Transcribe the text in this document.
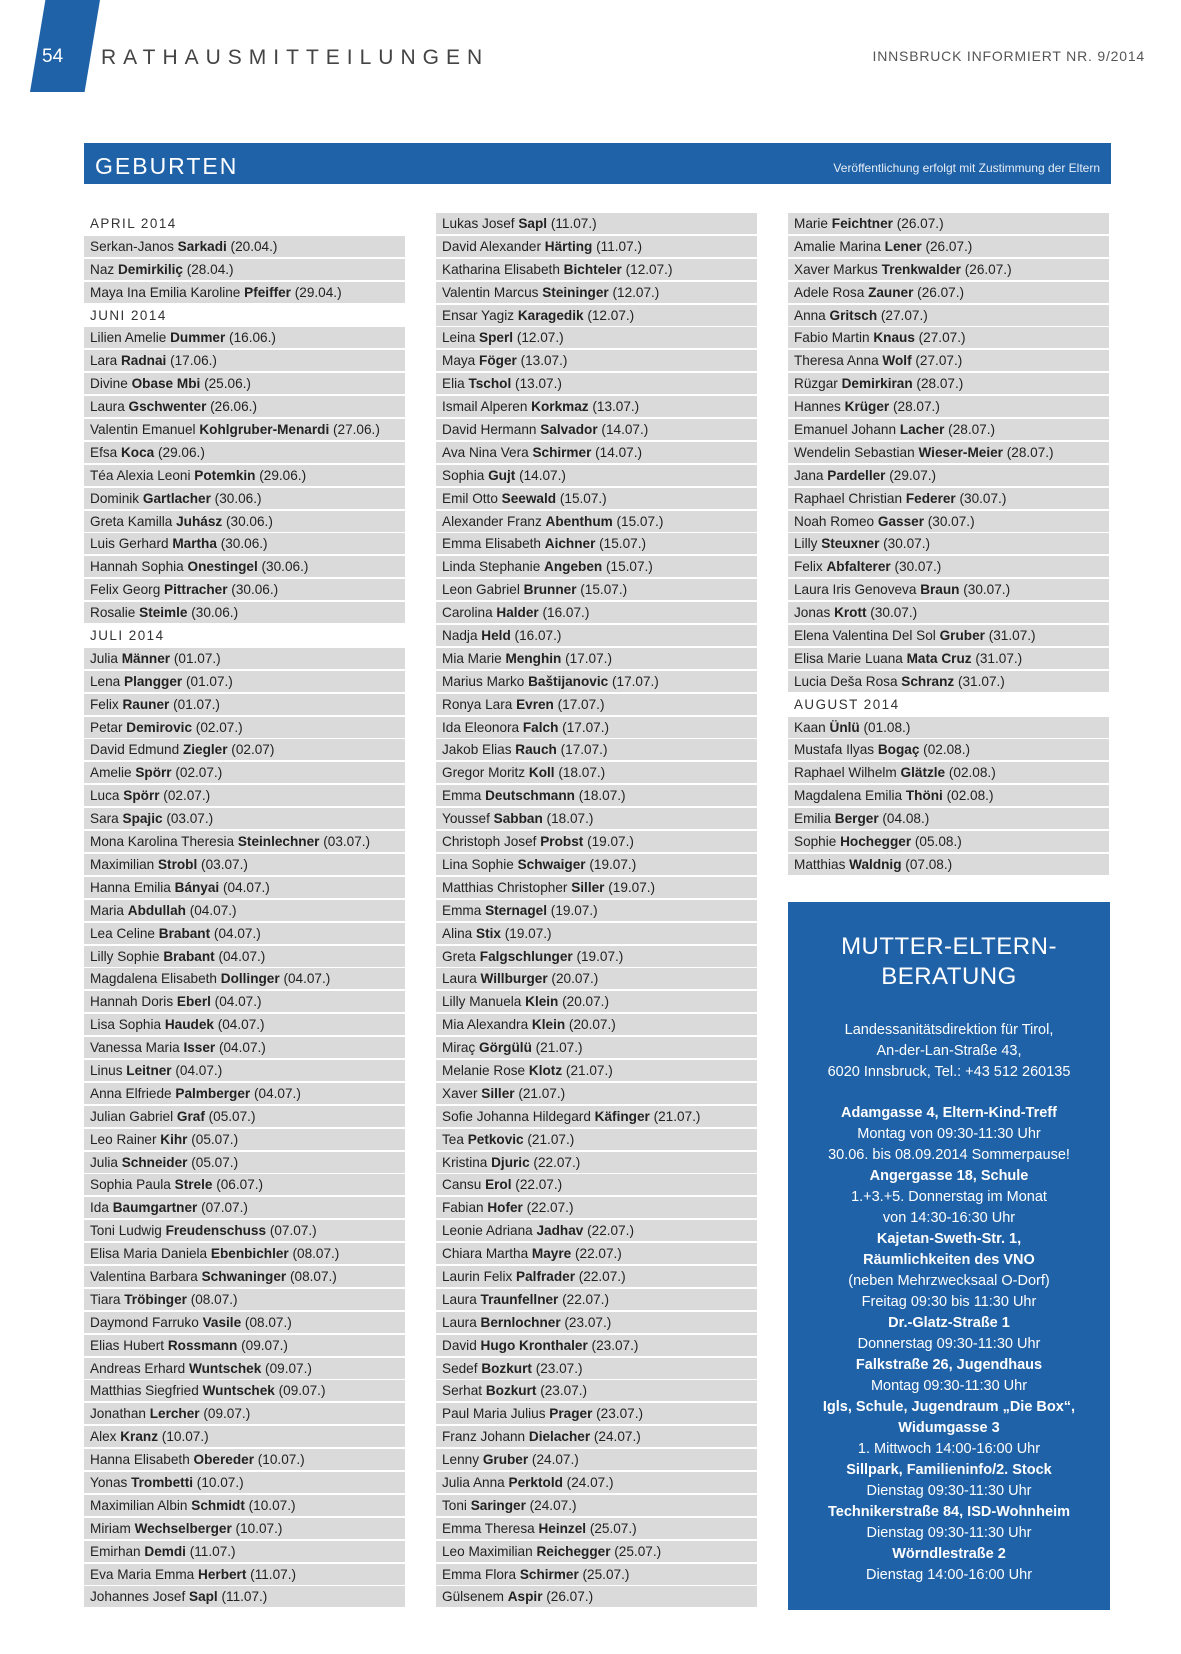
54 RATHAUSMITTEILUNGEN	INNSBRUCK INFORMIERT NR. 9/2014
GEBURTEN	Veröffentlichung erfolgt mit Zustimmung der Eltern
APRIL 2014
Serkan-Janos Sarkadi (20.04.)
Naz Demirkiliç (28.04.)
Maya Ina Emilia Karoline Pfeiffer (29.04.)
JUNI 2014
Lilien Amelie Dummer (16.06.)
Lara Radnai (17.06.)
Divine Obase Mbi (25.06.)
Laura Gschwenter (26.06.)
Valentin Emanuel Kohlgruber-Menardi (27.06.)
Efsa Koca (29.06.)
Téa Alexia Leoni Potemkin (29.06.)
Dominik Gartlacher (30.06.)
Greta Kamilla Juhász (30.06.)
Luis Gerhard Martha (30.06.)
Hannah Sophia Onestingel (30.06.)
Felix Georg Pittracher (30.06.)
Rosalie Steimle (30.06.)
JULI 2014
Julia Männer (01.07.)
Lena Plangger (01.07.)
Felix Rauner (01.07.)
Petar Demirovic (02.07.)
David Edmund Ziegler (02.07)
Amelie Spörr (02.07.)
Luca Spörr (02.07.)
Sara Spajic (03.07.)
Mona Karolina Theresia Steinlechner (03.07.)
Maximilian Strobl (03.07.)
Hanna Emilia Bányai (04.07.)
Maria Abdullah (04.07.)
Lea Celine Brabant (04.07.)
Lilly Sophie Brabant (04.07.)
Magdalena Elisabeth Dollinger (04.07.)
Hannah Doris Eberl (04.07.)
Lisa Sophia Haudek (04.07.)
Vanessa Maria Isser (04.07.)
Linus Leitner (04.07.)
Anna Elfriede Palmberger (04.07.)
Julian Gabriel Graf (05.07.)
Leo Rainer Kihr (05.07.)
Julia Schneider (05.07.)
Sophia Paula Strele (06.07.)
Ida Baumgartner (07.07.)
Toni Ludwig Freudenschuss (07.07.)
Elisa Maria Daniela Ebenbichler (08.07.)
Valentina Barbara Schwaninger (08.07.)
Tiara Tröbinger (08.07.)
Daymond Farruko Vasile (08.07.)
Elias Hubert Rossmann (09.07.)
Andreas Erhard Wuntschek (09.07.)
Matthias Siegfried Wuntschek (09.07.)
Jonathan Lercher (09.07.)
Alex Kranz (10.07.)
Hanna Elisabeth Obereder (10.07.)
Yonas Trombetti (10.07.)
Maximilian Albin Schmidt (10.07.)
Miriam Wechselberger (10.07.)
Emirhan Demdi (11.07.)
Eva Maria Emma Herbert (11.07.)
Johannes Josef Sapl (11.07.)
Lukas Josef Sapl (11.07.)
David Alexander Härting (11.07.)
Katharina Elisabeth Bichteler (12.07.)
Valentin Marcus Steininger (12.07.)
Ensar Yagiz Karagedik (12.07.)
Leina Sperl (12.07.)
Maya Föger (13.07.)
Elia Tschol (13.07.)
Ismail Alperen Korkmaz (13.07.)
David Hermann Salvador (14.07.)
Ava Nina Vera Schirmer (14.07.)
Sophia Gujt (14.07.)
Emil Otto Seewald (15.07.)
Alexander Franz Abenthum (15.07.)
Emma Elisabeth Aichner (15.07.)
Linda Stephanie Angeben (15.07.)
Leon Gabriel Brunner (15.07.)
Carolina Halder (16.07.)
Nadja Held (16.07.)
Mia Marie Menghin (17.07.)
Marius Marko Baštijanovic (17.07.)
Ronya Lara Evren (17.07.)
Ida Eleonora Falch (17.07.)
Jakob Elias Rauch (17.07.)
Gregor Moritz Koll (18.07.)
Emma Deutschmann (18.07.)
Youssef Sabban (18.07.)
Christoph Josef Probst (19.07.)
Lina Sophie Schwaiger (19.07.)
Matthias Christopher Siller (19.07.)
Emma Sternagel (19.07.)
Alina Stix (19.07.)
Greta Falgschlunger (19.07.)
Laura Willburger (20.07.)
Lilly Manuela Klein (20.07.)
Mia Alexandra Klein (20.07.)
Miraç Görgülü (21.07.)
Melanie Rose Klotz (21.07.)
Xaver Siller (21.07.)
Sofie Johanna Hildegard Käfinger (21.07.)
Tea Petkovic (21.07.)
Kristina Djuric (22.07.)
Cansu Erol (22.07.)
Fabian Hofer (22.07.)
Leonie Adriana Jadhav (22.07.)
Chiara Martha Mayre (22.07.)
Laurin Felix Palfrader (22.07.)
Laura Traunfellner (22.07.)
Laura Bernlochner (23.07.)
David Hugo Kronthaler (23.07.)
Sedef Bozkurt (23.07.)
Serhat Bozkurt (23.07.)
Paul Maria Julius Prager (23.07.)
Franz Johann Dielacher (24.07.)
Lenny Gruber (24.07.)
Julia Anna Perktold (24.07.)
Toni Saringer (24.07.)
Emma Theresa Heinzel (25.07.)
Leo Maximilian Reichegger (25.07.)
Emma Flora Schirmer (25.07.)
Gülsenem Aspir (26.07.)
Marie Feichtner (26.07.)
Amalie Marina Lener (26.07.)
Xaver Markus Trenkwalder (26.07.)
Adele Rosa Zauner (26.07.)
Anna Gritsch (27.07.)
Fabio Martin Knaus (27.07.)
Theresa Anna Wolf (27.07.)
Rüzgar Demirkiran (28.07.)
Hannes Krüger (28.07.)
Emanuel Johann Lacher (28.07.)
Wendelin Sebastian Wieser-Meier (28.07.)
Jana Pardeller (29.07.)
Raphael Christian Federer (30.07.)
Noah Romeo Gasser (30.07.)
Lilly Steuxner (30.07.)
Felix Abfalterer (30.07.)
Laura Iris Genoveva Braun (30.07.)
Jonas Krott (30.07.)
Elena Valentina Del Sol Gruber (31.07.)
Elisa Marie Luana Mata Cruz (31.07.)
Lucia Deša Rosa Schranz (31.07.)
AUGUST 2014
Kaan Ünlü (01.08.)
Mustafa Ilyas Bogaç (02.08.)
Raphael Wilhelm Glätzle (02.08.)
Magdalena Emilia Thöni (02.08.)
Emilia Berger (04.08.)
Sophie Hochegger (05.08.)
Matthias Waldnig (07.08.)
MUTTER-ELTERN-
BERATUNG
Landessanitätsdirektion für Tirol,
An-der-Lan-Straße 43,
6020 Innsbruck, Tel.: +43 512 260135
Adamgasse 4, Eltern-Kind-Treff
Montag von 09:30-11:30 Uhr
30.06. bis 08.09.2014 Sommerpause!
Angergasse 18, Schule
1.+3.+5. Donnerstag im Monat
von 14:30-16:30 Uhr
Kajetan-Sweth-Str. 1,
Räumlichkeiten des VNO
(neben Mehrzwecksaal O-Dorf)
Freitag 09:30 bis 11:30 Uhr
Dr.-Glatz-Straße 1
Donnerstag 09:30-11:30 Uhr
Falkstraße 26, Jugendhaus
Montag 09:30-11:30 Uhr
Igls, Schule, Jugendraum „Die Box“,
Widumgasse 3
1. Mittwoch 14:00-16:00 Uhr
Sillpark, Familieninfo/2. Stock
Dienstag 09:30-11:30 Uhr
Technikerstraße 84, ISD-Wohnheim
Dienstag 09:30-11:30 Uhr
Wörndlestraße 2
Dienstag 14:00-16:00 Uhr
